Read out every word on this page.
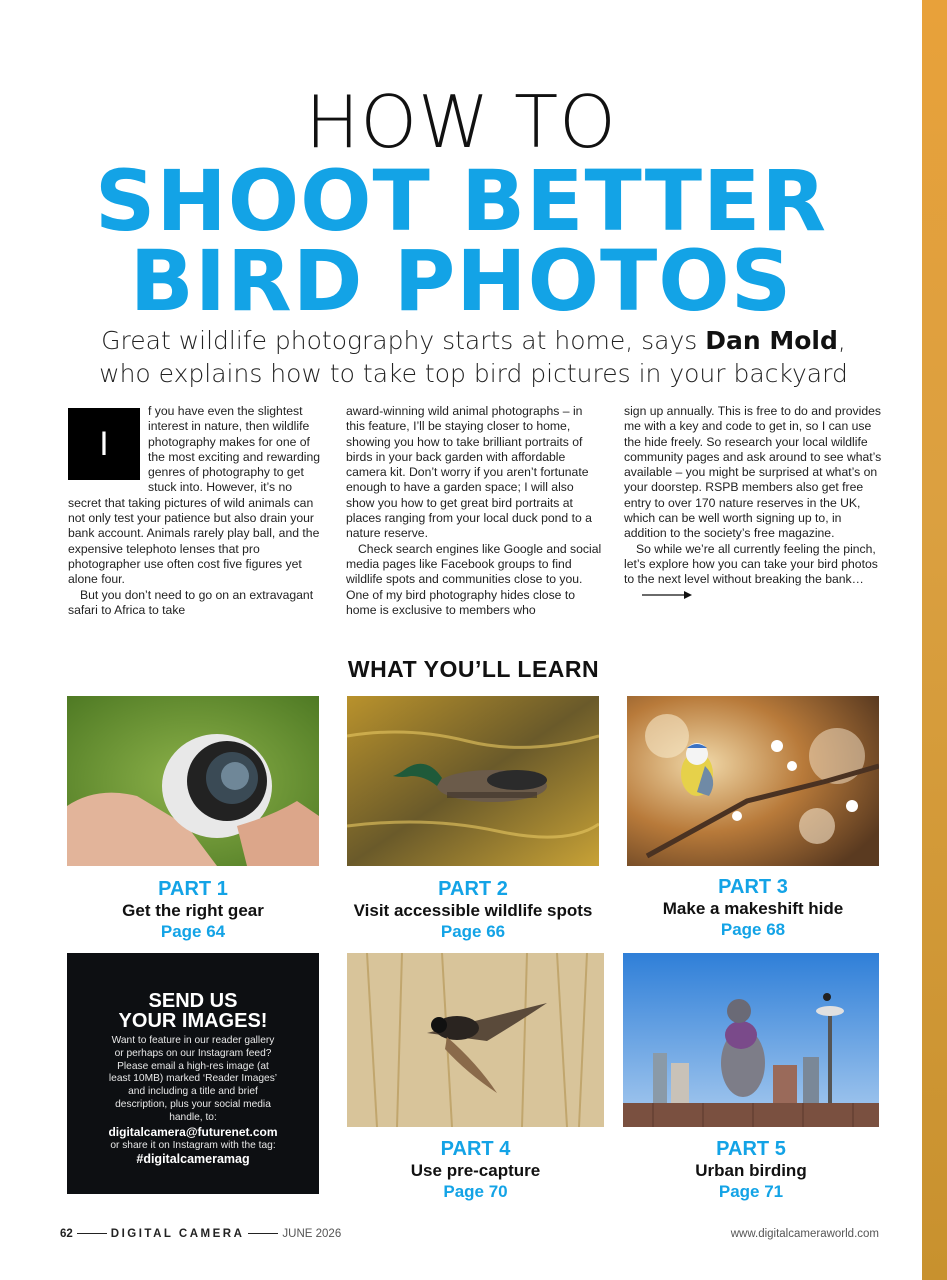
HOW TO
SHOOT BETTER
BIRD PHOTOS
Great wildlife photography starts at home, says Dan Mold,
who explains how to take top bird pictures in your backyard

I
f you have even the slightest interest in nature, then wildlife photography makes for one of the most exciting and rewarding genres of photography to get stuck into. However, it’s no secret that taking pictures of wild animals can not only test your patience but also drain your bank account. Animals rarely play ball, and the expensive telephoto lenses that pro photographer use often cost five figures yet alone four.

But you don’t need to go on an extravagant safari to Africa to take

award-winning wild animal photographs – in this feature, I’ll be staying closer to home, showing you how to take brilliant portraits of birds in your back garden with affordable camera kit. Don’t worry if you aren’t fortunate enough to have a garden space; I will also show you how to get great bird portraits at places ranging from your local duck pond to a nature reserve.

Check search engines like Google and social media pages like Facebook groups to find wildlife spots and communities close to you. One of my bird photography hides close to home is exclusive to members who

sign up annually. This is free to do and provides me with a key and code to get in, so I can use the hide freely. So research your local wildlife community pages and ask around to see what’s available – you might be surprised at what’s on your doorstep. RSPB members also get free entry to over 170 nature reserves in the UK, which can be well worth signing up to, in addition to the society’s free magazine.

So while we’re all currently feeling the pinch, let’s explore how you can take your bird photos to the next level without breaking the bank…

WHAT YOU’LL LEARN
PART 1
Get the right gear
Page 64
PART 2
Visit accessible wildlife spots
Page 66
PART 3
Make a makeshift hide
Page 68
SEND US
YOUR IMAGES!
Want to feature in our reader gallery or perhaps on our Instagram feed? Please email a high-res image (at least 10MB) marked ‘Reader Images’ and including a title and brief description, plus your social media handle, to:
digitalcamera@futurenet.com
or share it on Instagram with the tag:
#digitalcameramag	PART 4
Use pre-capture
Page 70
PART 5
Urban birding
Page 71
62	DIGITAL CAMERA	JUNE 2026	www.digitalcameraworld.com
